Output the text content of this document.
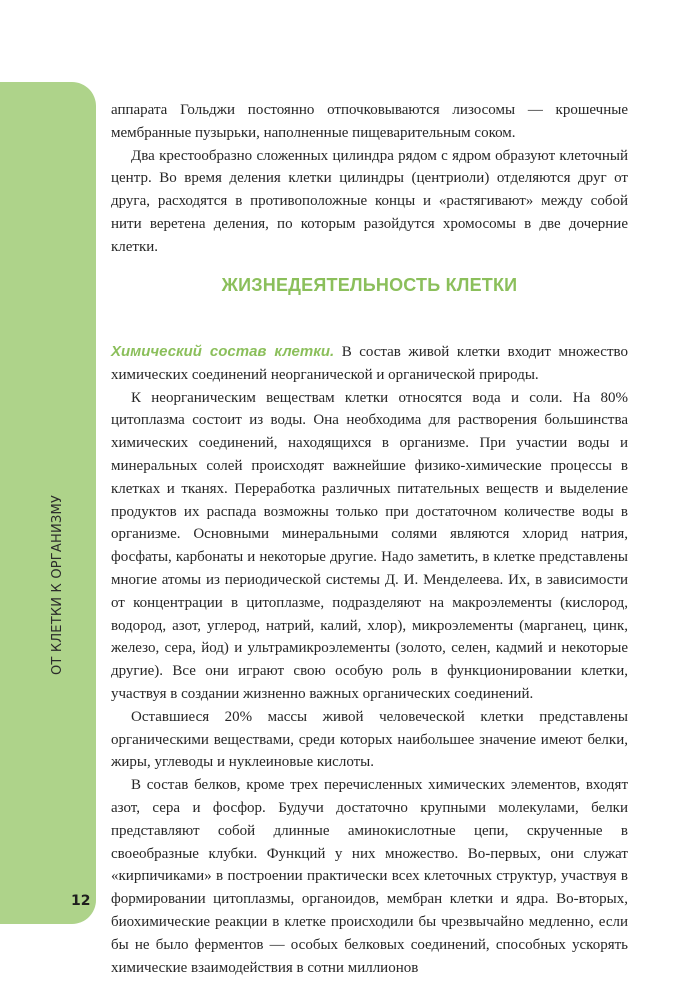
ОТ КЛЕТКИ К ОРГАНИЗМУ
12

аппарата Гольджи постоянно отпочковываются лизосомы — крошечные мембранные пузырьки, наполненные пищеварительным соком.

Два крестообразно сложенных цилиндра рядом с ядром образуют клеточный центр. Во время деления клетки цилиндры (центриоли) отделяются друг от друга, расходятся в противоположные концы и «растягивают» между собой нити веретена деления, по которым разойдутся хромосомы в две дочерние клетки.

ЖИЗНЕДЕЯТЕЛЬНОСТЬ КЛЕТКИ

Химический состав клетки. В состав живой клетки входит множество химических соединений неорганической и органической природы.

К неорганическим веществам клетки относятся вода и соли. На 80% цитоплазма состоит из воды. Она необходима для растворения большинства химических соединений, находящихся в организме. При участии воды и минеральных солей происходят важнейшие физико-химические процессы в клетках и тканях. Переработка различных питательных веществ и выделение продуктов их распада возможны только при достаточном количестве воды в организме. Основными минеральными солями являются хлорид натрия, фосфаты, карбонаты и некоторые другие. Надо заметить, в клетке представлены многие атомы из периодической системы Д. И. Менделеева. Их, в зависимости от концентрации в цитоплазме, подразделяют на макроэлементы (кислород, водород, азот, углерод, натрий, калий, хлор), микроэлементы (марганец, цинк, железо, сера, йод) и ультрамикроэлементы (золото, селен, кадмий и некоторые другие). Все они играют свою особую роль в функционировании клетки, участвуя в создании жизненно важных органических соединений.

Оставшиеся 20% массы живой человеческой клетки представлены органическими веществами, среди которых наибольшее значение имеют белки, жиры, углеводы и нуклеиновые кислоты.

В состав белков, кроме трех перечисленных химических элементов, входят азот, сера и фосфор. Будучи достаточно крупными молекулами, белки представляют собой длинные аминокислотные цепи, скрученные в своеобразные клубки. Функций у них множество. Во-первых, они служат «кирпичиками» в построении практически всех клеточных структур, участвуя в формировании цитоплазмы, органоидов, мембран клетки и ядра. Во-вторых, биохимические реакции в клетке происходили бы чрезвычайно медленно, если бы не было ферментов — особых белковых соединений, способных ускорять химические взаимодействия в сотни миллионов
